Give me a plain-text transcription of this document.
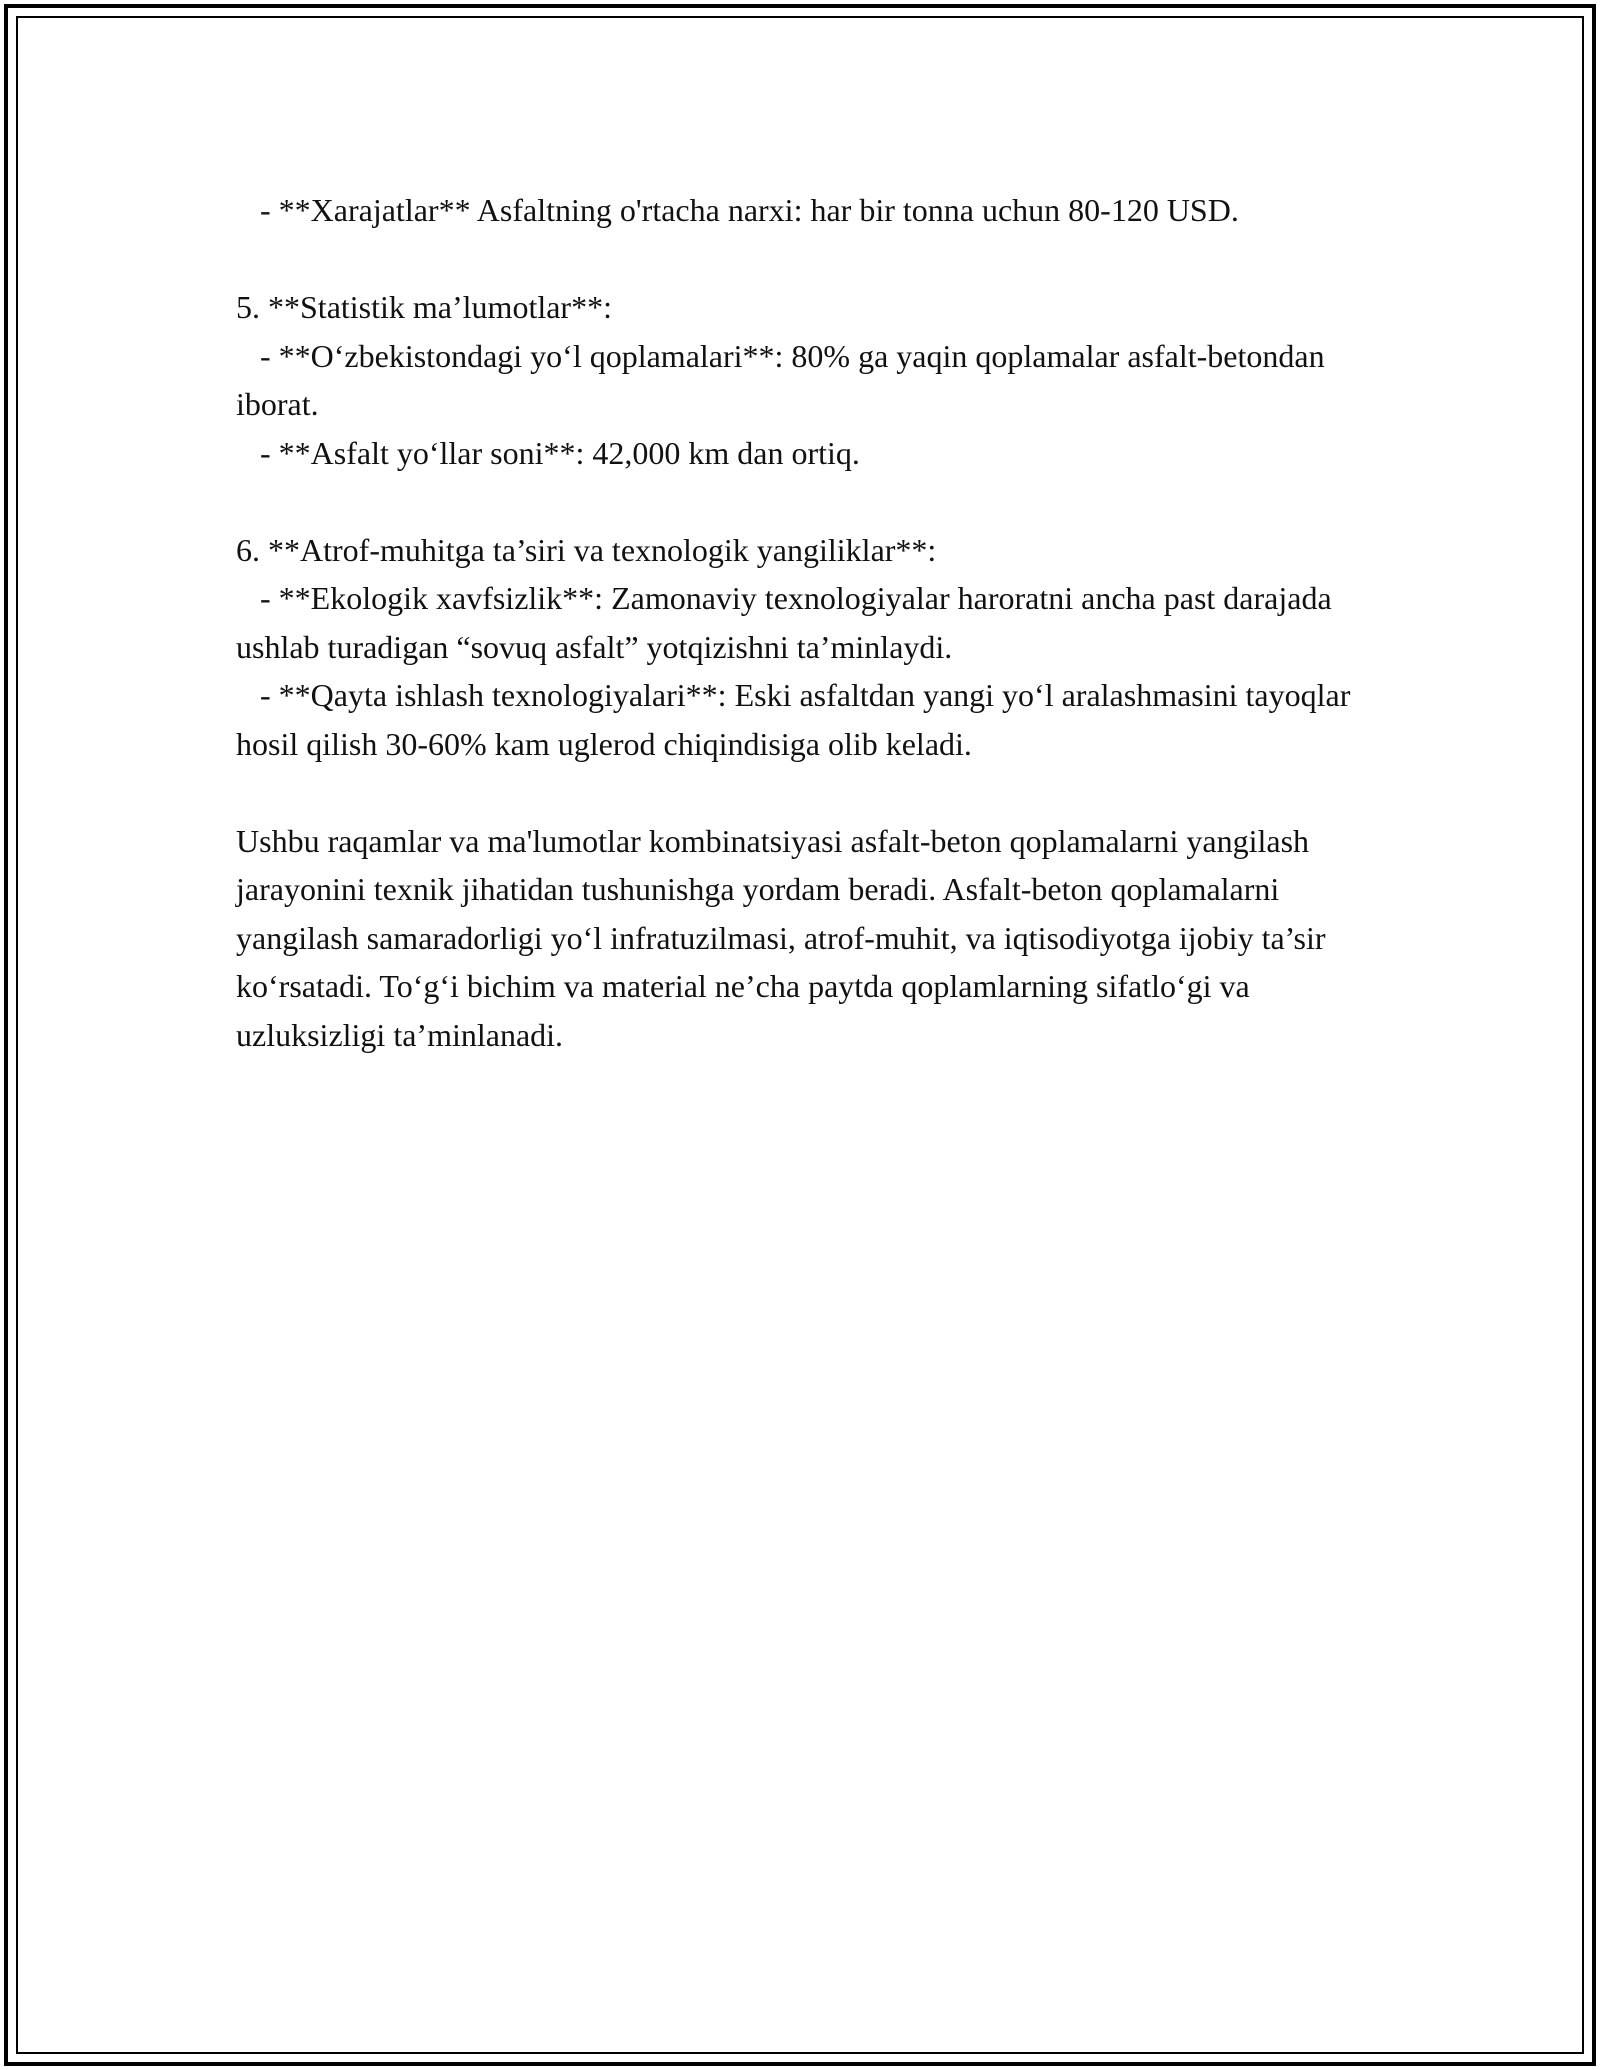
- **Xarajatlar** Asfaltning o'rtacha narxi: har bir tonna uchun 80-120 USD.

5. **Statistik ma’lumotlar**:

- **O‘zbekistondagi yo‘l qoplamalari**: 80% ga yaqin qoplamalar asfalt-betondan iborat.

- **Asfalt yo‘llar soni**: 42,000 km dan ortiq.

6. **Atrof-muhitga ta’siri va texnologik yangiliklar**:

- **Ekologik xavfsizlik**: Zamonaviy texnologiyalar haroratni ancha past darajada ushlab turadigan “sovuq asfalt” yotqizishni ta’minlaydi.

- **Qayta ishlash texnologiyalari**: Eski asfaltdan yangi yo‘l aralashmasini tayoqlar hosil qilish 30-60% kam uglerod chiqindisiga olib keladi.

Ushbu raqamlar va ma'lumotlar kombinatsiyasi asfalt-beton qoplamalarni yangilash jarayonini texnik jihatidan tushunishga yordam beradi. Asfalt-beton qoplamalarni yangilash samaradorligi yo‘l infratuzilmasi, atrof-muhit, va iqtisodiyotga ijobiy ta’sir ko‘rsatadi. To‘g‘i bichim va material ne’cha paytda qoplamlarning sifatlo‘gi va uzluksizligi ta’minlanadi.
